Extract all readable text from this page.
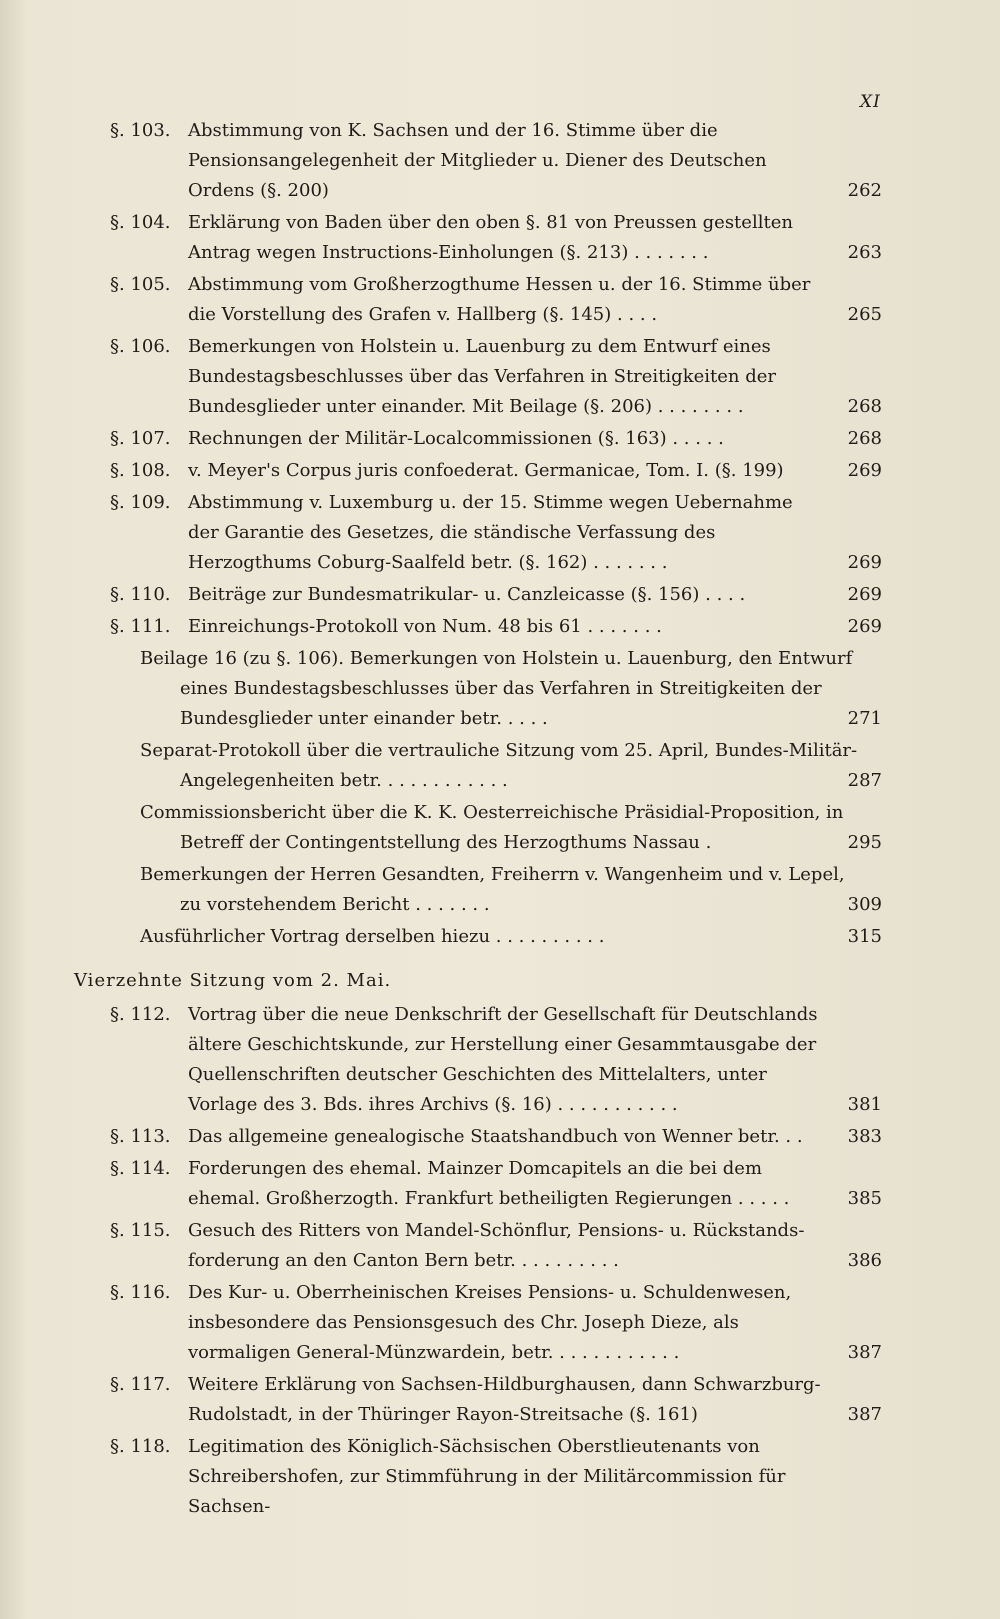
XI
§. 103. Abstimmung von K. Sachsen und der 16. Stimme über die Pensionsangelegenheit der Mitglieder u. Diener des Deutschen Ordens (§. 200)	262
§. 104. Erklärung von Baden über den oben §. 81 von Preussen gestellten Antrag wegen Instructions-Einholungen (§. 213) . . . . . . .	263
§. 105. Abstimmung vom Großherzogthume Hessen u. der 16. Stimme über die Vorstellung des Grafen v. Hallberg (§. 145) . . . .	265
§. 106. Bemerkungen von Holstein u. Lauenburg zu dem Entwurf eines Bundestagsbeschlusses über das Verfahren in Streitigkeiten der Bundesglieder unter einander. Mit Beilage (§. 206) . . . . . . . .	268
§. 107. Rechnungen der Militär-Localcommissionen (§. 163) . . . . .	268
§. 108. v. Meyer's Corpus juris confoederat. Germanicae, Tom. I. (§. 199)	269
§. 109. Abstimmung v. Luxemburg u. der 15. Stimme wegen Uebernahme der Garantie des Gesetzes, die ständische Verfassung des Herzogthums Coburg-Saalfeld betr. (§. 162) . . . . . . .	269
§. 110. Beiträge zur Bundesmatrikular- u. Canzleicasse (§. 156) . . . .	269
§. 111. Einreichungs-Protokoll von Num. 48 bis 61 . . . . . . .	269
Beilage 16 (zu §. 106). Bemerkungen von Holstein u. Lauenburg, den Entwurf eines Bundestagsbeschlusses über das Verfahren in Streitigkeiten der Bundesglieder unter einander betr. . . . .	271
Separat-Protokoll über die vertrauliche Sitzung vom 25. April, Bundes-Militär-Angelegenheiten betr. . . . . . . . . . . .	287
Commissionsbericht über die K. K. Oesterreichische Präsidial-Proposition, in Betreff der Contingentstellung des Herzogthums Nassau .	295
Bemerkungen der Herren Gesandten, Freiherrn v. Wangenheim und v. Lepel, zu vorstehendem Bericht . . . . . . .	309
Ausführlicher Vortrag derselben hiezu . . . . . . . . . .	315
Vierzehnte Sitzung vom 2. Mai.
§. 112. Vortrag über die neue Denkschrift der Gesellschaft für Deutschlands ältere Geschichtskunde, zur Herstellung einer Gesammtausgabe der Quellenschriften deutscher Geschichten des Mittelalters, unter Vorlage des 3. Bds. ihres Archivs (§. 16) . . . . . . . . . . .	381
§. 113. Das allgemeine genealogische Staatshandbuch von Wenner betr. . .	383
§. 114. Forderungen des ehemal. Mainzer Domcapitels an die bei dem ehemal. Großherzogth. Frankfurt betheiligten Regierungen . . . . .	385
§. 115. Gesuch des Ritters von Mandel-Schönflur, Pensions- u. Rückstands-forderung an den Canton Bern betr. . . . . . . . . .	386
§. 116. Des Kur- u. Oberrheinischen Kreises Pensions- u. Schuldenwesen, insbesondere das Pensionsgesuch des Chr. Joseph Dieze, als vormaligen General-Münzwardein, betr. . . . . . . . . . . .	387
§. 117. Weitere Erklärung von Sachsen-Hildburghausen, dann Schwarzburg-Rudolstadt, in der Thüringer Rayon-Streitsache (§. 161)	387
§. 118. Legitimation des Königlich-Sächsischen Oberstlieutenants von Schreibershofen, zur Stimmführung in der Militärcommission für Sachsen-
